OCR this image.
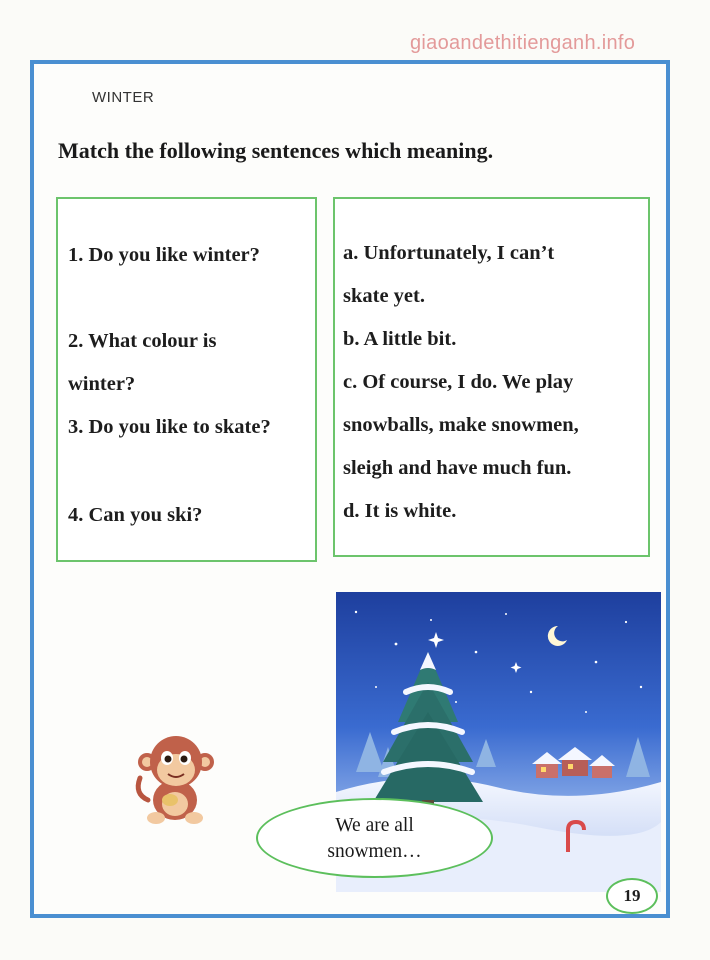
giaoandethitienganh.info
WINTER
Match the following sentences which meaning.
1. Do you like winter?
2. What colour is
winter?
3. Do you like to skate?
4. Can you ski?
a. Unfortunately, I can’t
skate yet.
b. A little bit.
c. Of course, I do. We play
snowballs, make snowmen,
sleigh and have much fun.
d. It is white.
We are all
snowmen…
19
